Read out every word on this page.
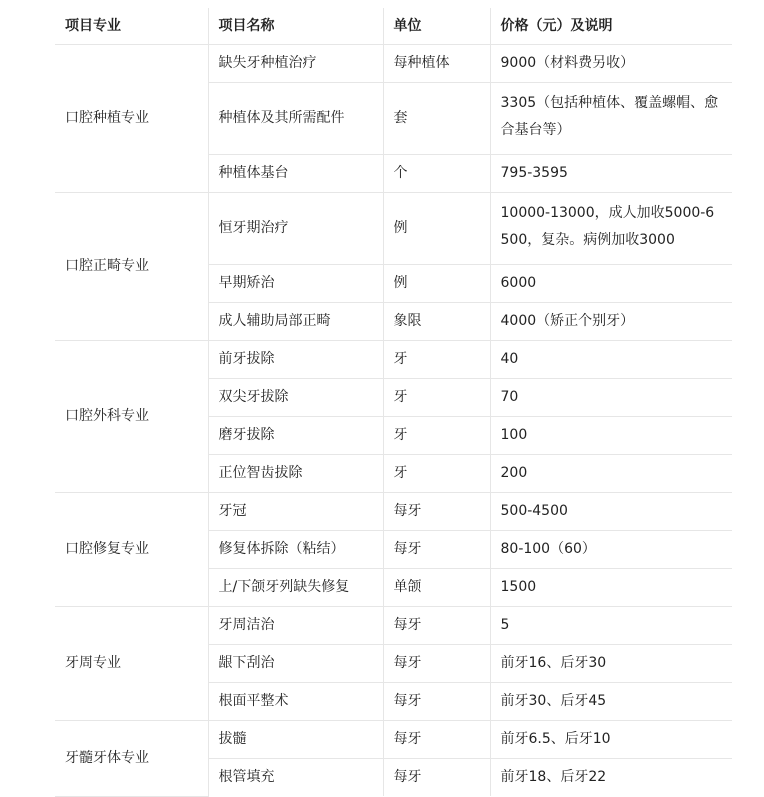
项目专业	项目名称	单位	价格（元）及说明
口腔种植专业	缺失牙种植治疗	每种植体	9000（材料费另收）
	种植体及其所需配件	套	3305（包括种植体、覆盖螺帽、愈合基台等）
	种植体基台	个	795-3595
口腔正畸专业	恒牙期治疗	例	10000-13000，成人加收5000-6500，复杂。病例加收3000
	早期矫治	例	6000
	成人辅助局部正畸	象限	4000（矫正个别牙）
口腔外科专业	前牙拔除	牙	40
	双尖牙拔除	牙	70
	磨牙拔除	牙	100
	正位智齿拔除	牙	200
口腔修复专业	牙冠	每牙	500-4500
	修复体拆除（粘结）	每牙	80-100（60）
	上/下颌牙列缺失修复	单颌	1500
牙周专业	牙周洁治	每牙	5
	龈下刮治	每牙	前牙16、后牙30
	根面平整术	每牙	前牙30、后牙45
牙髓牙体专业	拔髓	每牙	前牙6.5、后牙10
	根管填充	每牙	前牙18、后牙22
